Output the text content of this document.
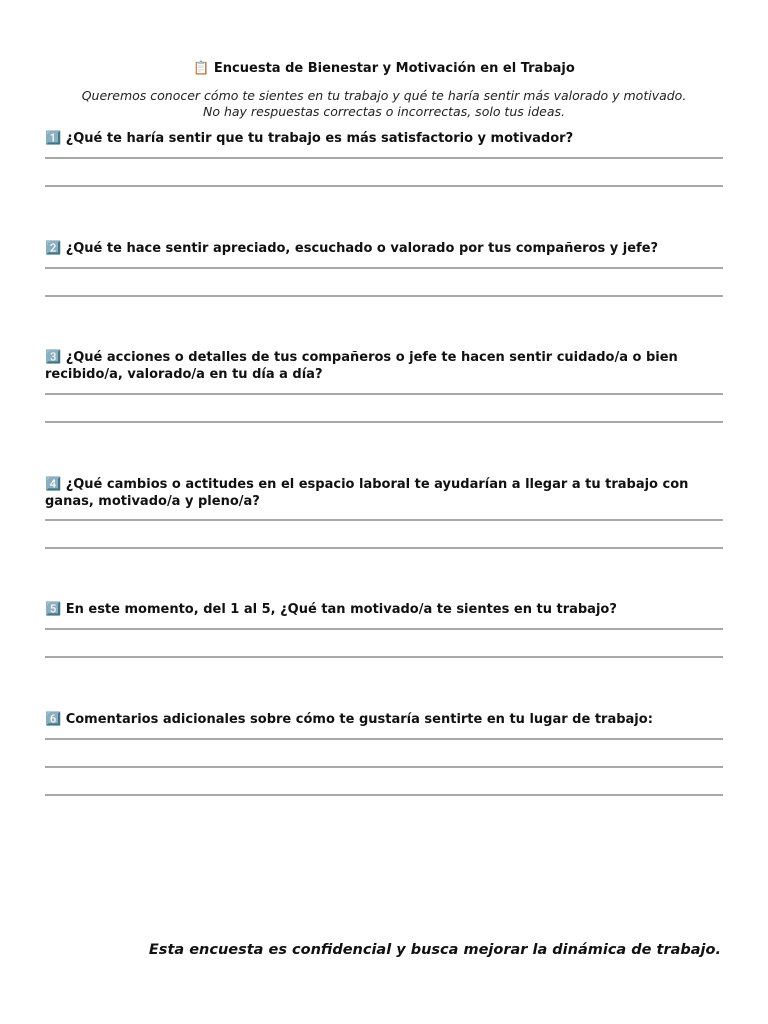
📋 Encuesta de Bienestar y Motivación en el Trabajo
Queremos conocer cómo te sientes en tu trabajo y qué te haría sentir más valorado y motivado.
No hay respuestas correctas o incorrectas, solo tus ideas.
1️⃣ ¿Qué te haría sentir que tu trabajo es más satisfactorio y motivador?
2️⃣ ¿Qué te hace sentir apreciado, escuchado o valorado por tus compañeros y jefe?
3️⃣ ¿Qué acciones o detalles de tus compañeros o jefe te hacen sentir cuidado/a o bien recibido/a, valorado/a en tu día a día?
4️⃣ ¿Qué cambios o actitudes en el espacio laboral te ayudarían a llegar a tu trabajo con ganas, motivado/a y pleno/a?
5️⃣ En este momento, del 1 al 5, ¿Qué tan motivado/a te sientes en tu trabajo?
6️⃣ Comentarios adicionales sobre cómo te gustaría sentirte en tu lugar de trabajo:
Esta encuesta es confidencial y busca mejorar la dinámica de trabajo.
